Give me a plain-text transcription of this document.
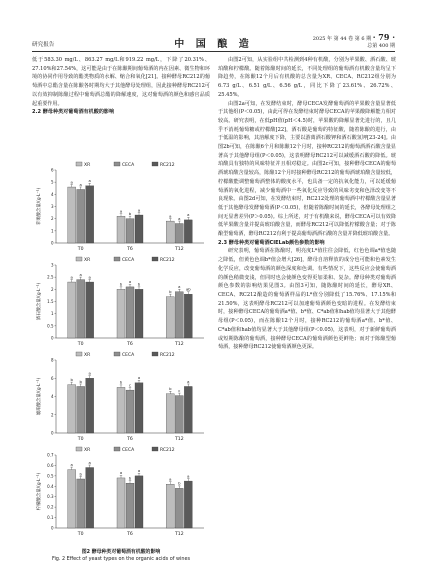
研究报告	中 国 酿 造	2025 年 第 44 卷 第 6 期 · 79 ·
总第 400 期

低于583.30 mg/L、863.27 mg/L和919.22 mg/L，下降了20.31%、27.10%和27.54%，这可能是由于在陈酿期间葡萄酒的内在因素、微生物和环境的协同作用导致的酯类物质的水解、缩合和氧化[21]。接种酵母RC212的葡萄酒中总酯含量在陈酿各时期均大于其他酵母处理组，因此接种酵母RC212可以有效抑制陈酿过程中葡萄酒总酯的降解速度，这对葡萄酒的颜色和感官品质起重要作用。

2.2 酵母种类对葡萄酒有机酸的影响

XR	CECA	RC212
0
1
2
3
4
5
6
苹果酸含量/(g·L⁻¹)
T0
a a
a
T6
a b
a
T12
a a
a
XR	CECA	RC212
0
0.5
1
1.5
2
2.5
3
酒石酸含量/(g·L⁻¹)
T0
a a a
T6
b a b
T12
b
a ab
XR	CECA	RC212
0
2
4
6
8
琥珀酸含量/(g·L⁻¹)
T0
b b
a
T6
b
c
a
T12
b c
a
XR	CECA	RC212
0
0.1
0.2
0.3
0.4
0.5
0.6
0.7
柠檬酸含量/(g·L⁻¹)
T0
a
b
a
T6
a
b
a
T12
a
b
a
图2 酵母种类对葡萄酒有机酸的影响
Fig. 2 Effect of yeast types on the organic acids of wines

由图2可知，从实验组中共检测到4种有机酸，分别为苹果酸、酒石酸、琥珀酸和柠檬酸。随着陈酿时间的延长，不同处理组的葡萄酒有机酸含量均呈下降趋势，在陈酿12个月后有机酸的总含量为XR、CECA、RC212组分别为6.73 g/L、6.51 g/L、6.56 g/L，同比下降了23.61%、26.72%、25.45%。

由图2a可知，在发酵结束时，酵母CECA发酵葡萄酒的苹果酸含量显著低于其他组(P＜0.05)，由此可得在发酵结束时酵母CECA的苹果酸降解能力相对较高。研究表明，在低pH值(pH＜4.5)时，苹果酸的降解显著先进行的，且几乎不消耗葡萄糖或柠檬酸[22]，酒石酸是葡萄的特征酸，随着陈酿的进行，由于低温的影响，其溶解度下降，主要以游离酒石酸钾和酒石酸氢钾[23-24]。由图2b可知，在陈酿6个月和陈酿12个月时，接种RC212的葡萄酒酒石酸含量显著高于其他酵母组(P＜0.05)，这表明酵母RC212可以减缓酒石酸的降低。琥珀酸具有独特的风味特征并且相对稳定。由图2c可知，接种酵母CECA的葡萄酒琥珀酸含量较高，陈酿12个月时接种酵母RC212的葡萄酒琥珀酸含量较低，柠檬酸能调整葡萄酒整体的酸度水平，也具备一定的抗氧化能力，可以延缓葡萄酒的氧化进程，减少葡萄酒中一些氧化反应导致的风味劣变和色泽改变等不良现象。由图2d可知，在发酵结束时，RC212处理的葡萄酒中柠檬酸含量显著低于其他酵母发酵葡萄酒(P＜0.05)，但随着陈酿时间的延长，各酵母处理组之间无显著差异(P＞0.05)。综上所述，对于有机酸来说，酵母CECA可以有效降低苹果酸含量并提高琥珀酸含量，而酵母RC212可以降低柠檬酸含量；对于陈酿型葡萄酒，酵母RC212有利于提高葡萄酒酒石酸的含量并降低琥珀酸含量。

2.3 酵母种类对葡萄酒CIELab颜色参数的影响

研究表明，葡萄酒在陈酿时，明亮度L*值往往会降低，红色色调a*值也随之降低，但黄色色调b*值会增大[26]，酵母自溶释放的成分也可能和色素发生化学反应，改变葡萄酒的颜色深度和色调。有些情况下，这些反应会使葡萄酒的颜色稍微变浅，但同时也会使颜色变得更加柔和、复杂。酵母种类对葡萄酒颜色参数的影响结果见图3。由图3可知，随陈酿时间的延长，酵母XR、CECA、RC212酿造的葡萄酒样品的L*值分别降低了15.76%、17.15%和21.50%，这表明酵母RC212可以加速葡萄酒颜色变暗的进程。在发酵结束时，接种酵母CECA的葡萄酒a*值、b*值、C*ab值和hab值均显著大于其他酵母组(P＜0.05)，而在陈酿12个月时，接种RC212的葡萄酒a*值、b*值、C*ab值和hab值均显著大于其他酵母组(P＜0.05)，这表明，对于新鲜葡萄酒或短期陈酿的葡萄酒，接种酵母CECA的葡萄酒颜色更鲜艳；而对于陈酿型葡萄酒，接种酵母RC212使葡萄酒颜色更深。
